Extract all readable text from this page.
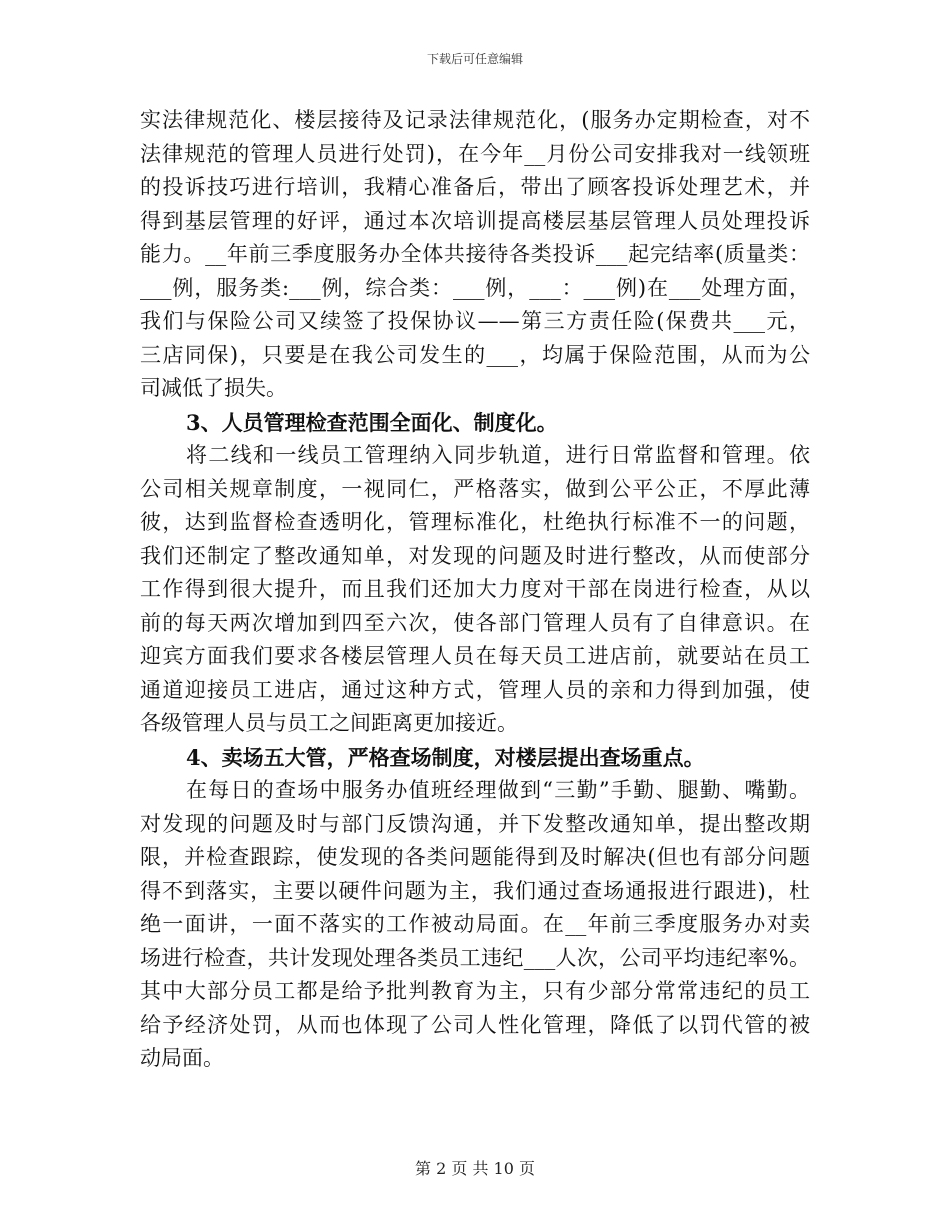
下载后可任意编辑
实法律规范化、楼层接待及记录法律规范化，(服务办定期检查，对不
法律规范的管理人员进行处罚)，在今年__月份公司安排我对一线领班
的投诉技巧进行培训，我精心准备后，带出了顾客投诉处理艺术，并
得到基层管理的好评，通过本次培训提高楼层基层管理人员处理投诉
能力。__年前三季度服务办全体共接待各类投诉___起完结率(质量类：
___例，服务类:___例，综合类：___例，___：___例)在___处理方面，
我们与保险公司又续签了投保协议——第三方责任险(保费共___元，
三店同保)，只要是在我公司发生的___，均属于保险范围，从而为公
司减低了损失。
3、人员管理检查范围全面化、制度化。
将二线和一线员工管理纳入同步轨道，进行日常监督和管理。依
公司相关规章制度，一视同仁，严格落实，做到公平公正，不厚此薄
彼，达到监督检查透明化，管理标准化，杜绝执行标准不一的问题，
我们还制定了整改通知单，对发现的问题及时进行整改，从而使部分
工作得到很大提升，而且我们还加大力度对干部在岗进行检查，从以
前的每天两次增加到四至六次，使各部门管理人员有了自律意识。在
迎宾方面我们要求各楼层管理人员在每天员工进店前，就要站在员工
通道迎接员工进店，通过这种方式，管理人员的亲和力得到加强，使
各级管理人员与员工之间距离更加接近。
4、卖场五大管，严格查场制度，对楼层提出查场重点。
在每日的查场中服务办值班经理做到“三勤”手勤、腿勤、嘴勤。
对发现的问题及时与部门反馈沟通，并下发整改通知单，提出整改期
限，并检查跟踪，使发现的各类问题能得到及时解决(但也有部分问题
得不到落实，主要以硬件问题为主，我们通过查场通报进行跟进)，杜
绝一面讲，一面不落实的工作被动局面。在__年前三季度服务办对卖
场进行检查，共计发现处理各类员工违纪___人次，公司平均违纪率%。
其中大部分员工都是给予批判教育为主，只有少部分常常违纪的员工
给予经济处罚，从而也体现了公司人性化管理，降低了以罚代管的被
动局面。
第 2 页 共 10 页
